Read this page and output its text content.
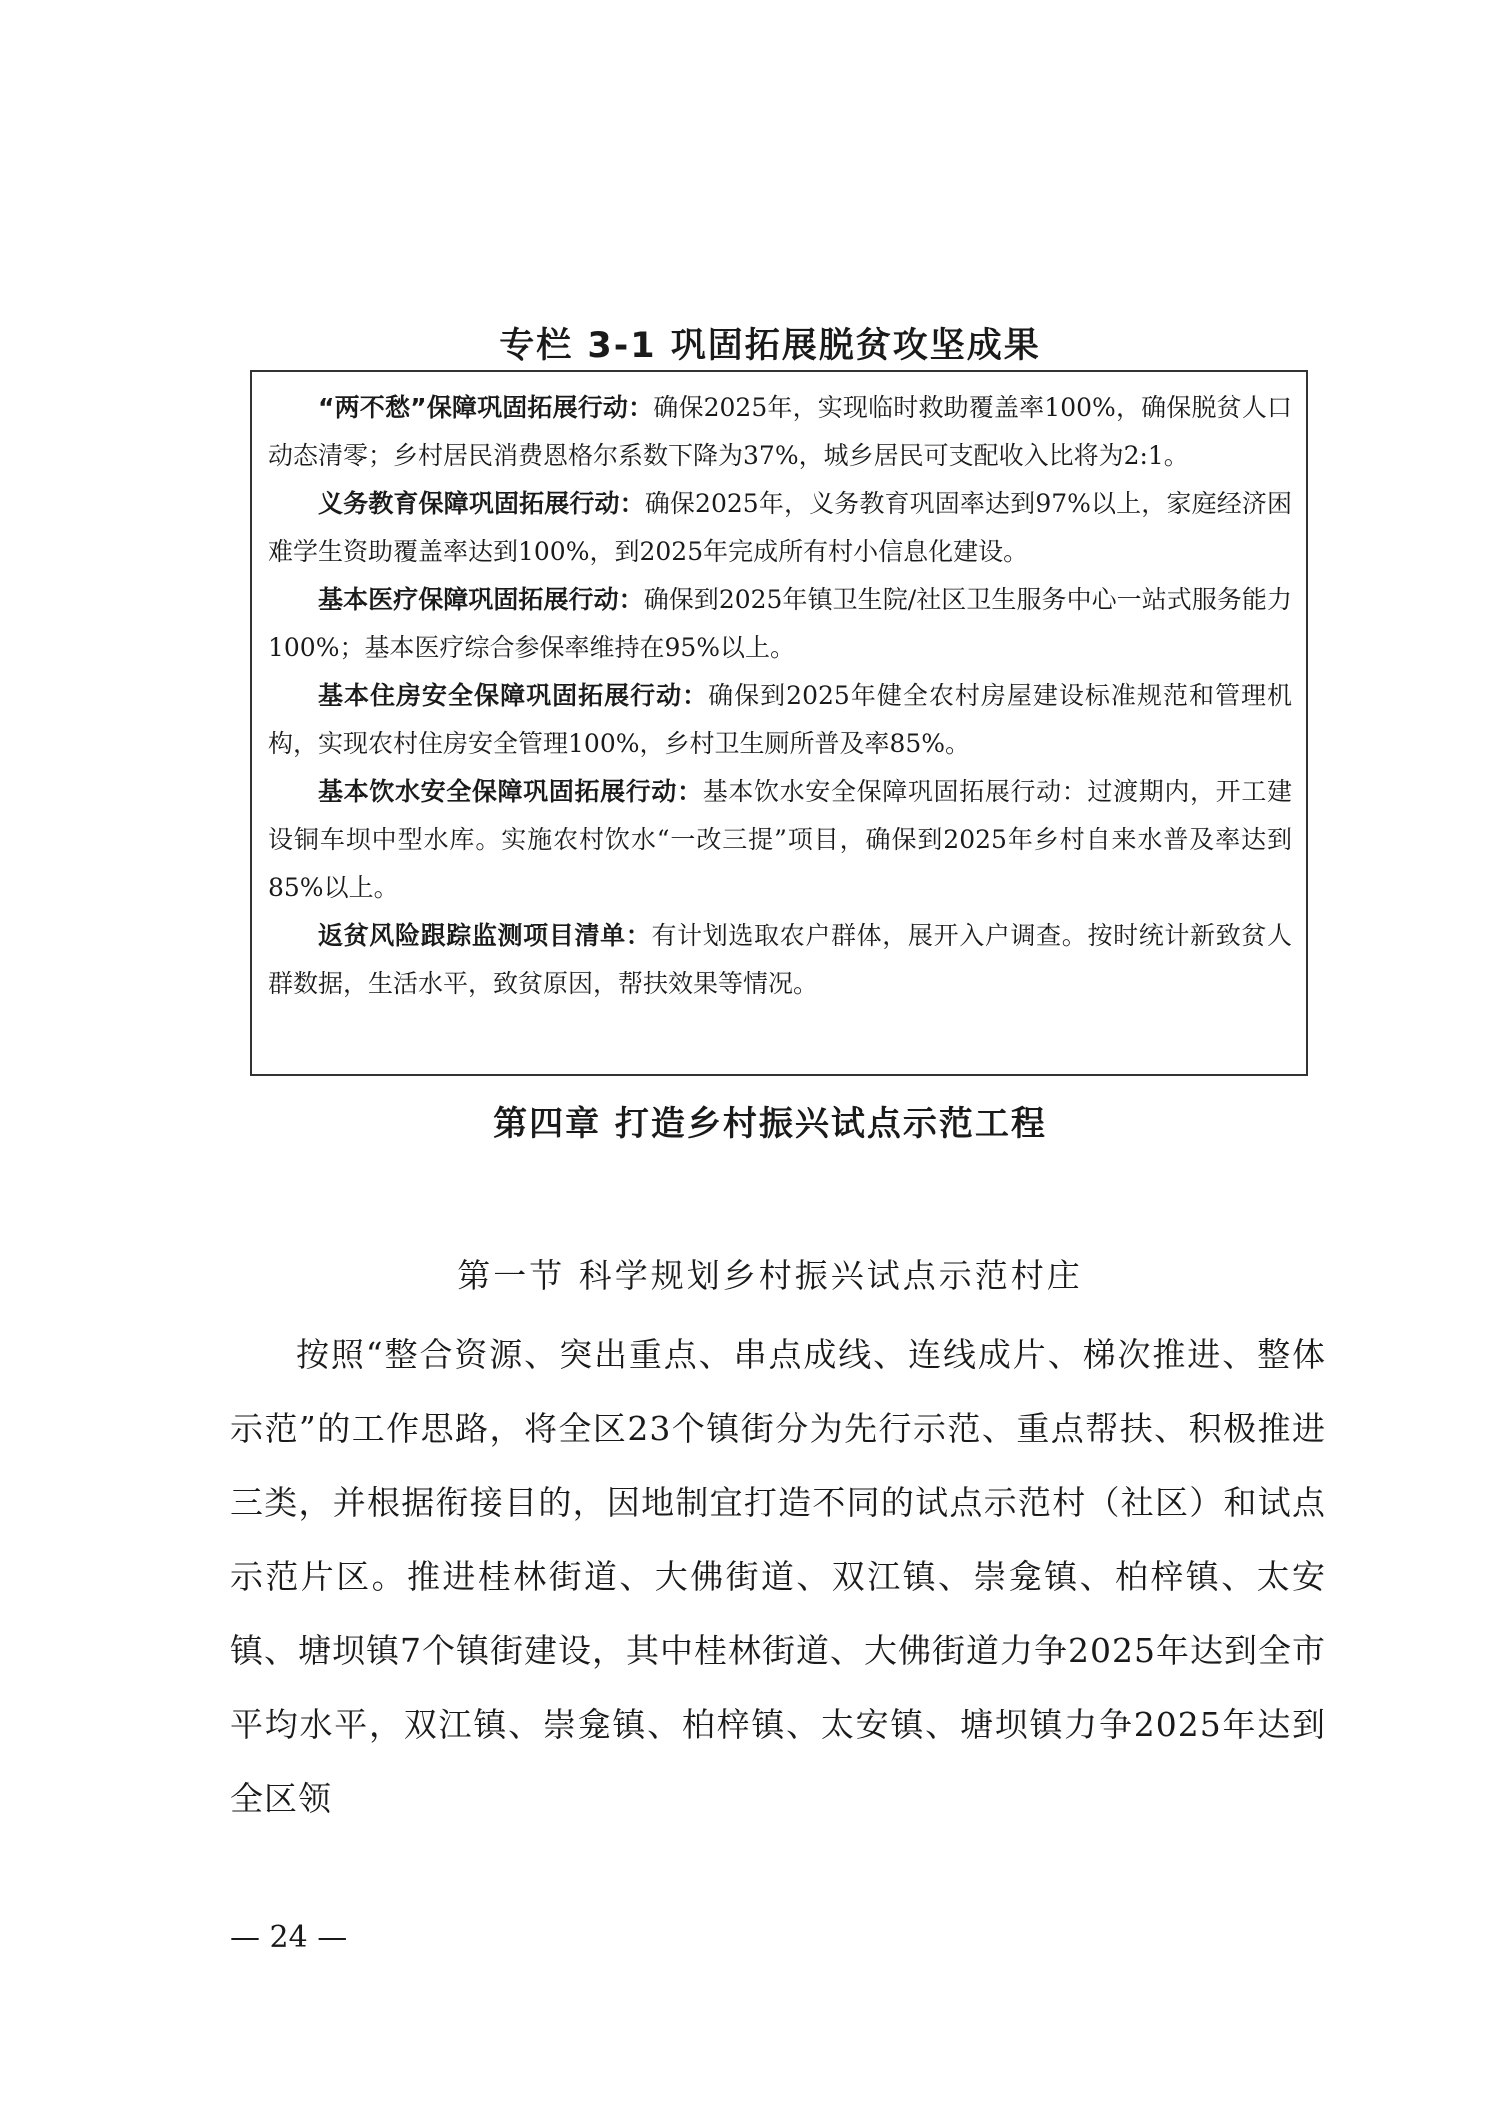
专栏 3-1 巩固拓展脱贫攻坚成果

“两不愁”保障巩固拓展行动：确保2025年，实现临时救助覆盖率100%，确保脱贫人口动态清零；乡村居民消费恩格尔系数下降为37%，城乡居民可支配收入比将为2:1。

义务教育保障巩固拓展行动：确保2025年，义务教育巩固率达到97%以上，家庭经济困难学生资助覆盖率达到100%，到2025年完成所有村小信息化建设。

基本医疗保障巩固拓展行动：确保到2025年镇卫生院/社区卫生服务中心一站式服务能力100%；基本医疗综合参保率维持在95%以上。

基本住房安全保障巩固拓展行动：确保到2025年健全农村房屋建设标准规范和管理机构，实现农村住房安全管理100%，乡村卫生厕所普及率85%。

基本饮水安全保障巩固拓展行动：基本饮水安全保障巩固拓展行动：过渡期内，开工建设铜车坝中型水库。实施农村饮水“一改三提”项目，确保到2025年乡村自来水普及率达到85%以上。

返贫风险跟踪监测项目清单：有计划选取农户群体，展开入户调查。按时统计新致贫人群数据，生活水平，致贫原因，帮扶效果等情况。

第四章 打造乡村振兴试点示范工程
第一节 科学规划乡村振兴试点示范村庄

按照“整合资源、突出重点、串点成线、连线成片、梯次推进、整体示范”的工作思路，将全区23个镇街分为先行示范、重点帮扶、积极推进三类，并根据衔接目的，因地制宜打造不同的试点示范村（社区）和试点示范片区。推进桂林街道、大佛街道、双江镇、崇龛镇、柏梓镇、太安镇、塘坝镇7个镇街建设，其中桂林街道、大佛街道力争2025年达到全市平均水平，双江镇、崇龛镇、柏梓镇、太安镇、塘坝镇力争2025年达到全区领

— 24 —
